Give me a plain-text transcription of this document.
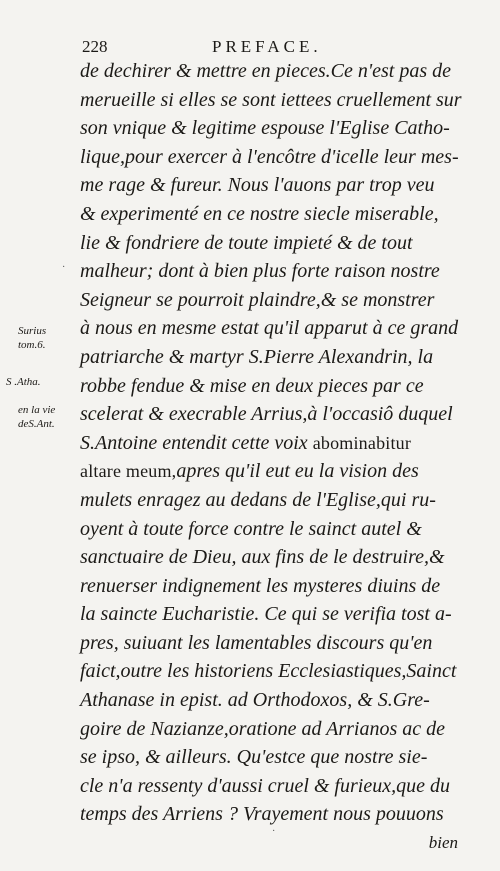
228	PREFACE.
Surius
tom.6.
S .Atha.
en la vie
deS.Ant.
de dechirer & mettre en pieces.Ce n'est pas de
merueille si elles se sont iettees cruellement sur
son vnique & legitime espouse l'Eglise Catho-
lique,pour exercer à l'encôtre d'icelle leur mes-
me rage & fureur. Nous l'auons par trop veu
& experimenté en ce nostre siecle miserable,
lie & fondriere de toute impieté & de tout
malheur; dont à bien plus forte raison nostre
Seigneur se pourroit plaindre,& se monstrer
à nous en mesme estat qu'il apparut à ce grand
patriarche & martyr S.Pierre Alexandrin, la
robbe fendue & mise en deux pieces par ce
scelerat & execrable Arrius,à l'occasiô duquel
S.Antoine entendit cette voix abominabitur
altare meum,apres qu'il eut eu la vision des
mulets enragez au dedans de l'Eglise,qui ru-
oyent à toute force contre le sainct autel &
sanctuaire de Dieu, aux fins de le destruire,&
renuerser indignement les mysteres diuins de
la saincte Eucharistie. Ce qui se verifia tost a-
pres, suiuant les lamentables discours qu'en
faict,outre les historiens Ecclesiastiques,Sainct
Athanase in epist. ad Orthodoxos, & S.Gre-
goire de Nazianze,oratione ad Arrianos ac de
se ipso, & ailleurs. Qu'estce que nostre sie-
cle n'a ressenty d'aussi cruel & furieux,que du
temps des Arriens ? Vrayement nous pouuons
bien
·
·
